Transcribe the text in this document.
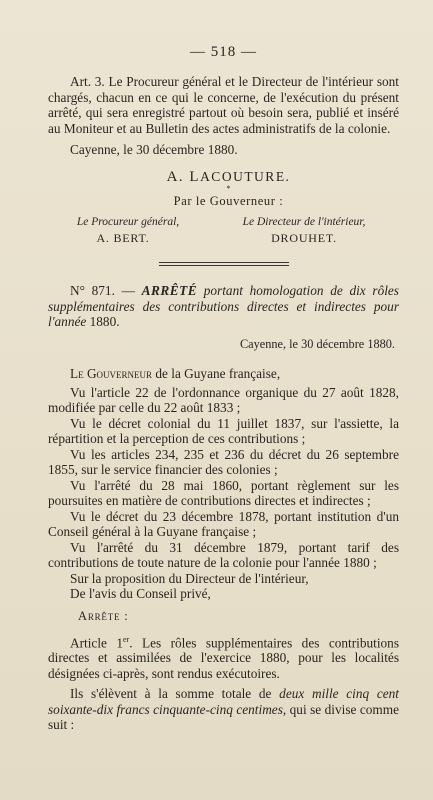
— 518 —

Art. 3. Le Procureur général et le Directeur de l'intérieur sont chargés, chacun en ce qui le concerne, de l'exécution du présent arrêté, qui sera enregistré partout où besoin sera, publié et inséré au Moniteur et au Bulletin des actes administratifs de la colonie.

Cayenne, le 30 décembre 1880.

A. LACOUTURE.
*
Par le Gouverneur :
Le Procureur général,	Le Directeur de l'intérieur,
A. BERT.	DROUHET.

N° 871. — ARRÊTÉ portant homologation de dix rôles supplémentaires des contributions directes et indirectes pour l'année 1880.

Cayenne, le 30 décembre 1880.

Le Gouverneur de la Guyane française,

Vu l'article 22 de l'ordonnance organique du 27 août 1828, modifiée par celle du 22 août 1833 ;

Vu le décret colonial du 11 juillet 1837, sur l'assiette, la répartition et la perception de ces contributions ;

Vu les articles 234, 235 et 236 du décret du 26 septembre 1855, sur le service financier des colonies ;

Vu l'arrêté du 28 mai 1860, portant règlement sur les poursuites en matière de contributions directes et indirectes ;

Vu le décret du 23 décembre 1878, portant institution d'un Conseil général à la Guyane française ;

Vu l'arrêté du 31 décembre 1879, portant tarif des contributions de toute nature de la colonie pour l'année 1880 ;

Sur la proposition du Directeur de l'intérieur,

De l'avis du Conseil privé,

Arrête :

Article 1er. Les rôles supplémentaires des contributions directes et assimilées de l'exercice 1880, pour les localités désignées ci-après, sont rendus exécutoires.

Ils s'élèvent à la somme totale de deux mille cinq cent soixante-dix francs cinquante-cinq centimes, qui se divise comme suit :
